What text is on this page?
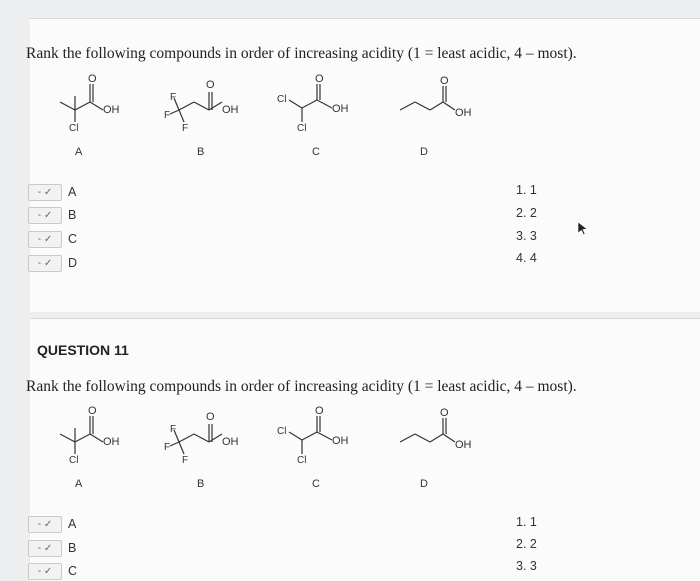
Rank the following compounds in order of increasing acidity (1 = least acidic, 4 – most).
O
OH
Cl
A
F
F
F
O
OH
B
Cl
Cl
O
OH
C
O
OH
D
- ✓	A
- ✓	B
- ✓	C
- ✓	D
1. 1
2. 2
3. 3
4. 4
QUESTION 11
Rank the following compounds in order of increasing acidity (1 = least acidic, 4 – most).
O
OH
Cl
A
F
F
F
O
OH
B
Cl
Cl
O
OH
C
O
OH
D
- ✓	A
- ✓	B
- ✓	C
1. 1
2. 2
3. 3
